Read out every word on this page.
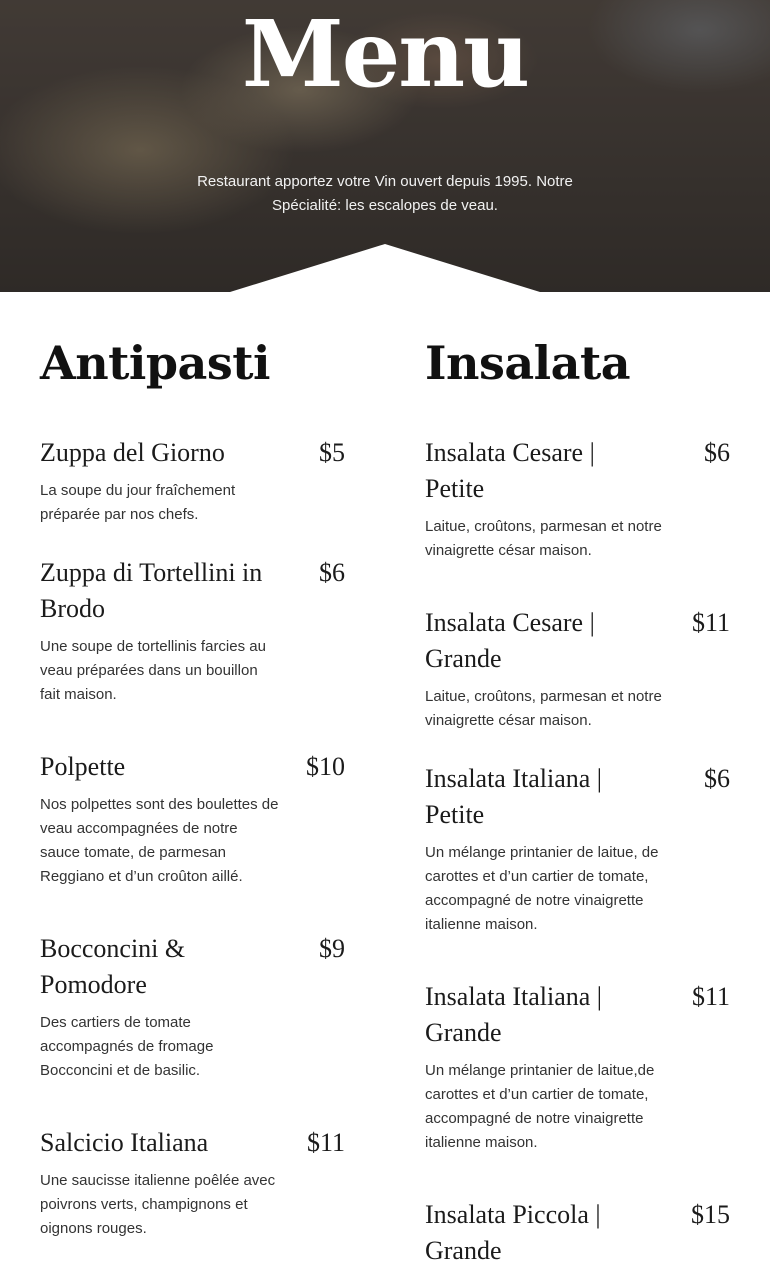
Menu

Restaurant apportez votre Vin ouvert depuis 1995. Notre Spécialité: les escalopes de veau.

Antipasti
Zuppa del Giorno	$5
La soupe du jour fraîchement préparée par nos chefs.
Zuppa di Tortellini in Brodo
$6
Une soupe de tortellinis farcies au veau préparées dans un bouillon fait maison.
Polpette	$10
Nos polpettes sont des boulettes de veau accompagnées de notre sauce tomate, de parmesan Reggiano et d’un croûton aillé.
Bocconcini & Pomodore
$9
Des cartiers de tomate accompagnés de fromage Bocconcini et de basilic.
Salcicio Italiana	$11
Une saucisse italienne poêlée avec poivrons verts, champignons et oignons rouges.
Insalata
Insalata Cesare | Petite
$6
Laitue, croûtons, parmesan et notre vinaigrette césar maison.
Insalata Cesare | Grande
$11
Laitue, croûtons, parmesan et notre vinaigrette césar maison.
Insalata Italiana | Petite
$6
Un mélange printanier de laitue, de carottes et d’un cartier de tomate, accompagné de notre vinaigrette italienne maison.
Insalata Italiana | Grande
$11
Un mélange printanier de laitue,de carottes et d’un cartier de tomate, accompagné de notre vinaigrette italienne maison.
Insalata Piccola | Grande
$15
